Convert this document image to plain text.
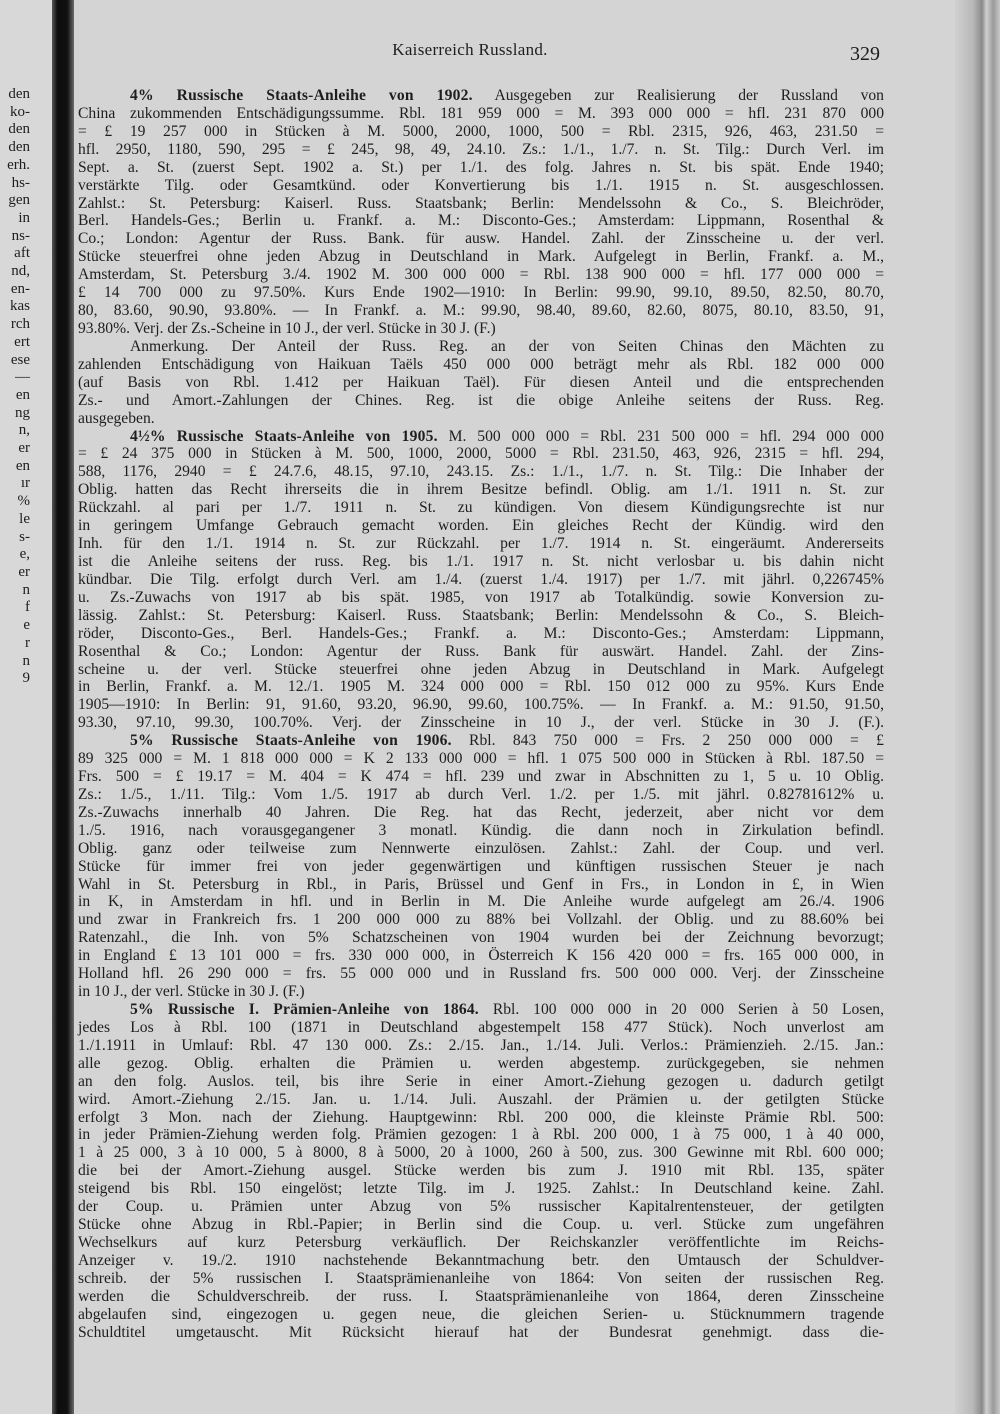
den
ko-
den
den
erh.
hs-
gen
in
ns-
aft
nd,
en-
kas
rch
ert
ese
—
en
ng
n,
er
en
ır
%
le
s-
e,
er
n
f
e
r
n
9
Kaiserreich Russland.	329
4% Russische Staats-Anleihe von 1902. Ausgegeben zur Realisierung der Russland von
China zukommenden Entschädigungssumme. Rbl. 181 959 000 = M. 393 000 000 = hfl. 231 870 000
= £ 19 257 000 in Stücken à M. 5000, 2000, 1000, 500 = Rbl. 2315, 926, 463, 231.50 =
hfl. 2950, 1180, 590, 295 = £ 245, 98, 49, 24.10. Zs.: 1./1., 1./7. n. St. Tilg.: Durch Verl. im
Sept. a. St. (zuerst Sept. 1902 a. St.) per 1./1. des folg. Jahres n. St. bis spät. Ende 1940;
verstärkte Tilg. oder Gesamtkünd. oder Konvertierung bis 1./1. 1915 n. St. ausgeschlossen.
Zahlst.: St. Petersburg: Kaiserl. Russ. Staatsbank; Berlin: Mendelssohn & Co., S. Bleichröder,
Berl. Handels-Ges.; Berlin u. Frankf. a. M.: Disconto-Ges.; Amsterdam: Lippmann, Rosenthal &
Co.; London: Agentur der Russ. Bank. für ausw. Handel. Zahl. der Zinsscheine u. der verl.
Stücke steuerfrei ohne jeden Abzug in Deutschland in Mark. Aufgelegt in Berlin, Frankf. a. M.,
Amsterdam, St. Petersburg 3./4. 1902 M. 300 000 000 = Rbl. 138 900 000 = hfl. 177 000 000 =
£ 14 700 000 zu 97.50%. Kurs Ende 1902—1910: In Berlin: 99.90, 99.10, 89.50, 82.50, 80.70,
80, 83.60, 90.90, 93.80%. — In Frankf. a. M.: 99.90, 98.40, 89.60, 82.60, 8075, 80.10, 83.50, 91,
93.80%. Verj. der Zs.-Scheine in 10 J., der verl. Stücke in 30 J. (F.)
Anmerkung. Der Anteil der Russ. Reg. an der von Seiten Chinas den Mächten zu
zahlenden Entschädigung von Haikuan Taëls 450 000 000 beträgt mehr als Rbl. 182 000 000
(auf Basis von Rbl. 1.412 per Haikuan Taël). Für diesen Anteil und die entsprechenden
Zs.- und Amort.-Zahlungen der Chines. Reg. ist die obige Anleihe seitens der Russ. Reg.
ausgegeben.
4½% Russische Staats-Anleihe von 1905. M. 500 000 000 = Rbl. 231 500 000 = hfl. 294 000 000
= £ 24 375 000 in Stücken à M. 500, 1000, 2000, 5000 = Rbl. 231.50, 463, 926, 2315 = hfl. 294,
588, 1176, 2940 = £ 24.7.6, 48.15, 97.10, 243.15. Zs.: 1./1., 1./7. n. St. Tilg.: Die Inhaber der
Oblig. hatten das Recht ihrerseits die in ihrem Besitze befindl. Oblig. am 1./1. 1911 n. St. zur
Rückzahl. al pari per 1./7. 1911 n. St. zu kündigen. Von diesem Kündigungsrechte ist nur
in geringem Umfange Gebrauch gemacht worden. Ein gleiches Recht der Kündig. wird den
Inh. für den 1./1. 1914 n. St. zur Rückzahl. per 1./7. 1914 n. St. eingeräumt. Andererseits
ist die Anleihe seitens der russ. Reg. bis 1./1. 1917 n. St. nicht verlosbar u. bis dahin nicht
kündbar. Die Tilg. erfolgt durch Verl. am 1./4. (zuerst 1./4. 1917) per 1./7. mit jährl. 0,226745%
u. Zs.-Zuwachs von 1917 ab bis spät. 1985, von 1917 ab Totalkündig. sowie Konversion zu-
lässig. Zahlst.: St. Petersburg: Kaiserl. Russ. Staatsbank; Berlin: Mendelssohn & Co., S. Bleich-
röder, Disconto-Ges., Berl. Handels-Ges.; Frankf. a. M.: Disconto-Ges.; Amsterdam: Lippmann,
Rosenthal & Co.; London: Agentur der Russ. Bank für auswärt. Handel. Zahl. der Zins-
scheine u. der verl. Stücke steuerfrei ohne jeden Abzug in Deutschland in Mark. Aufgelegt
in Berlin, Frankf. a. M. 12./1. 1905 M. 324 000 000 = Rbl. 150 012 000 zu 95%. Kurs Ende
1905—1910: In Berlin: 91, 91.60, 93.20, 96.90, 99.60, 100.75%. — In Frankf. a. M.: 91.50, 91.50,
93.30, 97.10, 99.30, 100.70%. Verj. der Zinsscheine in 10 J., der verl. Stücke in 30 J. (F.).
5% Russische Staats-Anleihe von 1906. Rbl. 843 750 000 = Frs. 2 250 000 000 = £
89 325 000 = M. 1 818 000 000 = K 2 133 000 000 = hfl. 1 075 500 000 in Stücken à Rbl. 187.50 =
Frs. 500 = £ 19.17 = M. 404 = K 474 = hfl. 239 und zwar in Abschnitten zu 1, 5 u. 10 Oblig.
Zs.: 1./5., 1./11. Tilg.: Vom 1./5. 1917 ab durch Verl. 1./2. per 1./5. mit jährl. 0.82781612% u.
Zs.-Zuwachs innerhalb 40 Jahren. Die Reg. hat das Recht, jederzeit, aber nicht vor dem
1./5. 1916, nach vorausgegangener 3 monatl. Kündig. die dann noch in Zirkulation befindl.
Oblig. ganz oder teilweise zum Nennwerte einzulösen. Zahlst.: Zahl. der Coup. und verl.
Stücke für immer frei von jeder gegenwärtigen und künftigen russischen Steuer je nach
Wahl in St. Petersburg in Rbl., in Paris, Brüssel und Genf in Frs., in London in £, in Wien
in K, in Amsterdam in hfl. und in Berlin in M. Die Anleihe wurde aufgelegt am 26./4. 1906
und zwar in Frankreich frs. 1 200 000 000 zu 88% bei Vollzahl. der Oblig. und zu 88.60% bei
Ratenzahl., die Inh. von 5% Schatzscheinen von 1904 wurden bei der Zeichnung bevorzugt;
in England £ 13 101 000 = frs. 330 000 000, in Österreich K 156 420 000 = frs. 165 000 000, in
Holland hfl. 26 290 000 = frs. 55 000 000 und in Russland frs. 500 000 000. Verj. der Zinsscheine
in 10 J., der verl. Stücke in 30 J. (F.)
5% Russische I. Prämien-Anleihe von 1864. Rbl. 100 000 000 in 20 000 Serien à 50 Losen,
jedes Los à Rbl. 100 (1871 in Deutschland abgestempelt 158 477 Stück). Noch unverlost am
1./1.1911 in Umlauf: Rbl. 47 130 000. Zs.: 2./15. Jan., 1./14. Juli. Verlos.: Prämienzieh. 2./15. Jan.:
alle gezog. Oblig. erhalten die Prämien u. werden abgestemp. zurückgegeben, sie nehmen
an den folg. Auslos. teil, bis ihre Serie in einer Amort.-Ziehung gezogen u. dadurch getilgt
wird. Amort.-Ziehung 2./15. Jan. u. 1./14. Juli. Auszahl. der Prämien u. der getilgten Stücke
erfolgt 3 Mon. nach der Ziehung. Hauptgewinn: Rbl. 200 000, die kleinste Prämie Rbl. 500:
in jeder Prämien-Ziehung werden folg. Prämien gezogen: 1 à Rbl. 200 000, 1 à 75 000, 1 à 40 000,
1 à 25 000, 3 à 10 000, 5 à 8000, 8 à 5000, 20 à 1000, 260 à 500, zus. 300 Gewinne mit Rbl. 600 000;
die bei der Amort.-Ziehung ausgel. Stücke werden bis zum J. 1910 mit Rbl. 135, später
steigend bis Rbl. 150 eingelöst; letzte Tilg. im J. 1925. Zahlst.: In Deutschland keine. Zahl.
der Coup. u. Prämien unter Abzug von 5% russischer Kapitalrentensteuer, der getilgten
Stücke ohne Abzug in Rbl.-Papier; in Berlin sind die Coup. u. verl. Stücke zum ungefähren
Wechselkurs auf kurz Petersburg verkäuflich. Der Reichskanzler veröffentlichte im Reichs-
Anzeiger v. 19./2. 1910 nachstehende Bekanntmachung betr. den Umtausch der Schuldver-
schreib. der 5% russischen I. Staatsprämienanleihe von 1864: Von seiten der russischen Reg.
werden die Schuldverschreib. der russ. I. Staatsprämienanleihe von 1864, deren Zinsscheine
abgelaufen sind, eingezogen u. gegen neue, die gleichen Serien- u. Stücknummern tragende
Schuldtitel umgetauscht. Mit Rücksicht hierauf hat der Bundesrat genehmigt. dass die-
